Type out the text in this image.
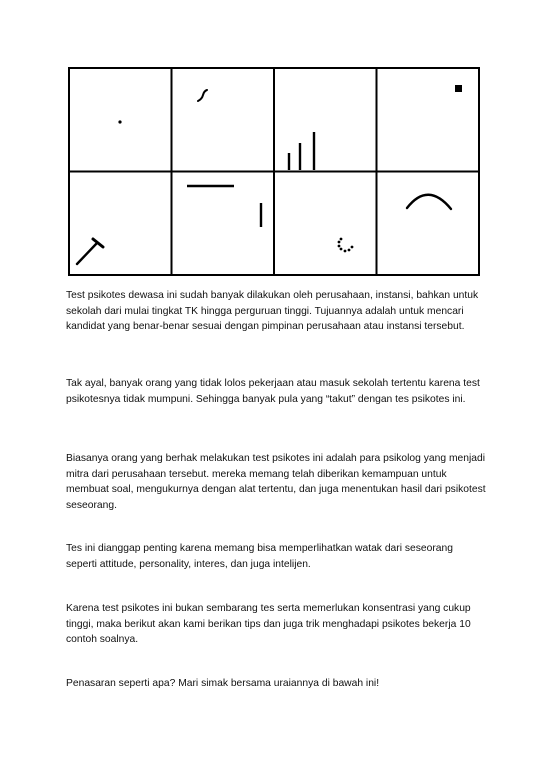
Test psikotes dewasa ini sudah banyak dilakukan oleh perusahaan, instansi, bahkan untuk sekolah dari mulai tingkat TK hingga perguruan tinggi. Tujuannya adalah untuk mencari kandidat yang benar-benar sesuai dengan pimpinan perusahaan atau instansi tersebut.

Tak ayal, banyak orang yang tidak lolos pekerjaan atau masuk sekolah tertentu karena test psikotesnya tidak mumpuni. Sehingga banyak pula yang “takut” dengan tes psikotes ini.

Biasanya orang yang berhak melakukan test psikotes ini adalah para psikolog yang menjadi mitra dari perusahaan tersebut. mereka memang telah diberikan kemampuan untuk membuat soal, mengukurnya dengan alat tertentu, dan juga menentukan hasil dari psikotest seseorang.

Tes ini dianggap penting karena memang bisa memperlihatkan watak dari seseorang seperti attitude, personality, interes, dan juga intelijen.

Karena test psikotes ini bukan sembarang tes serta memerlukan konsentrasi yang cukup tinggi, maka berikut akan kami berikan tips dan juga trik menghadapi psikotes bekerja 10 contoh soalnya.

Penasaran seperti apa? Mari simak bersama uraiannya di bawah ini!
